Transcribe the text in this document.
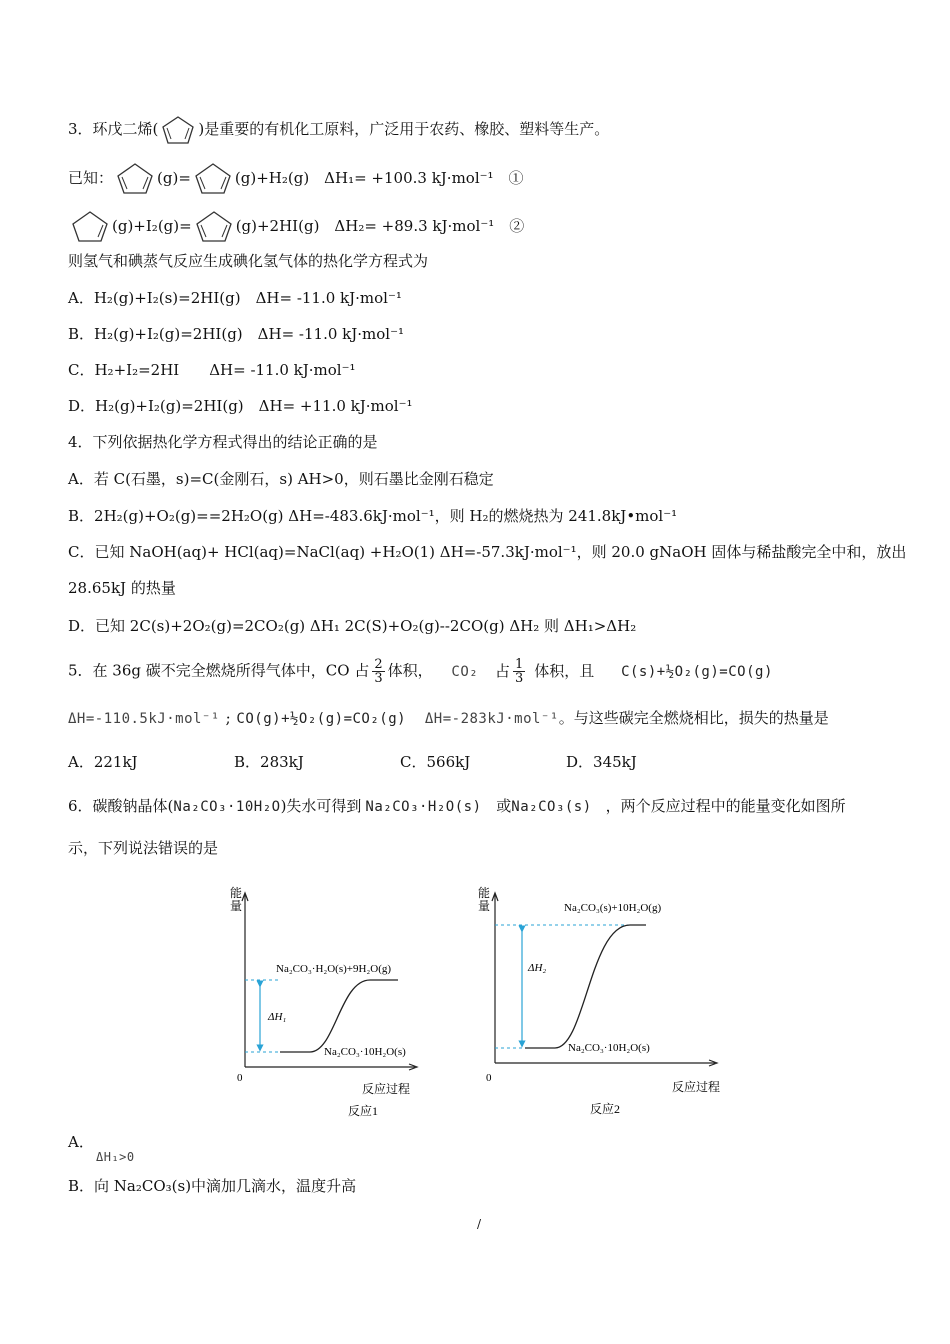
3．环戊二烯(	)是重要的有机化工原料，广泛用于农药、橡胶、塑料等生产。
已知：	(g)=	(g)+H₂(g)　ΔH₁= +100.3 kJ·mol⁻¹　①
(g)+I₂(g)=	(g)+2HI(g)　ΔH₂= +89.3 kJ·mol⁻¹　②
则氢气和碘蒸气反应生成碘化氢气体的热化学方程式为
A．H₂(g)+I₂(s)=2HI(g)　ΔH= -11.0 kJ·mol⁻¹
B．H₂(g)+I₂(g)=2HI(g)　ΔH= -11.0 kJ·mol⁻¹
C．H₂+I₂=2HI　　ΔH= -11.0 kJ·mol⁻¹
D．H₂(g)+I₂(g)=2HI(g)　ΔH= +11.0 kJ·mol⁻¹
4．下列依据热化学方程式得出的结论正确的是
A．若 C(石墨，s)=C(金刚石，s) AH>0，则石墨比金刚石稳定
B．2H₂(g)+O₂(g)==2H₂O(g) ΔH=-483.6kJ·mol⁻¹，则 H₂的燃烧热为 241.8kJ•mol⁻¹
C．已知 NaOH(aq)+ HCl(aq)=NaCl(aq) +H₂O(1) ΔH=-57.3kJ·mol⁻¹，则 20.0 gNaOH 固体与稀盐酸完全中和，放出
28.65kJ 的热量
D．已知 2C(s)+2O₂(g)=2CO₂(g) ΔH₁ 2C(S)+O₂(g)--2CO(g) ΔH₂ 则 ΔH₁>ΔH₂
5．在 36g 碳不完全燃烧所得气体中，CO 占 $\frac{2}{3}$ 体积， CO₂ 占 $\frac{1}{3}$ 体积，且 C(s)+½O₂(g)=CO(g)
ΔH=-110.5kJ·mol⁻¹ ; CO(g)+½O₂(g)=CO₂(g) ΔH=-283kJ·mol⁻¹。与这些碳完全燃烧相比，损失的热量是
A．221kJ	B．283kJ	C．566kJ	D．345kJ
6．碳酸钠晶体(Na₂CO₃·10H₂O)失水可得到 Na₂CO₃·H₂O(s) 或Na₂CO₃(s) ，两个反应过程中的能量变化如图所
示，下列说法错误的是
能量
0
反应过程
ΔH₁
Na₂CO₃·H₂O(s)+9H₂O(g)
Na₂CO₃·10H₂O(s)
反应1
能量
0
反应过程
ΔH₂
Na₂CO₃(s)+10H₂O(g)
Na₂CO₃·10H₂O(s)
反应2
A．
ΔH₁>0
B．向 Na₂CO₃(s)中滴加几滴水，温度升高
/
